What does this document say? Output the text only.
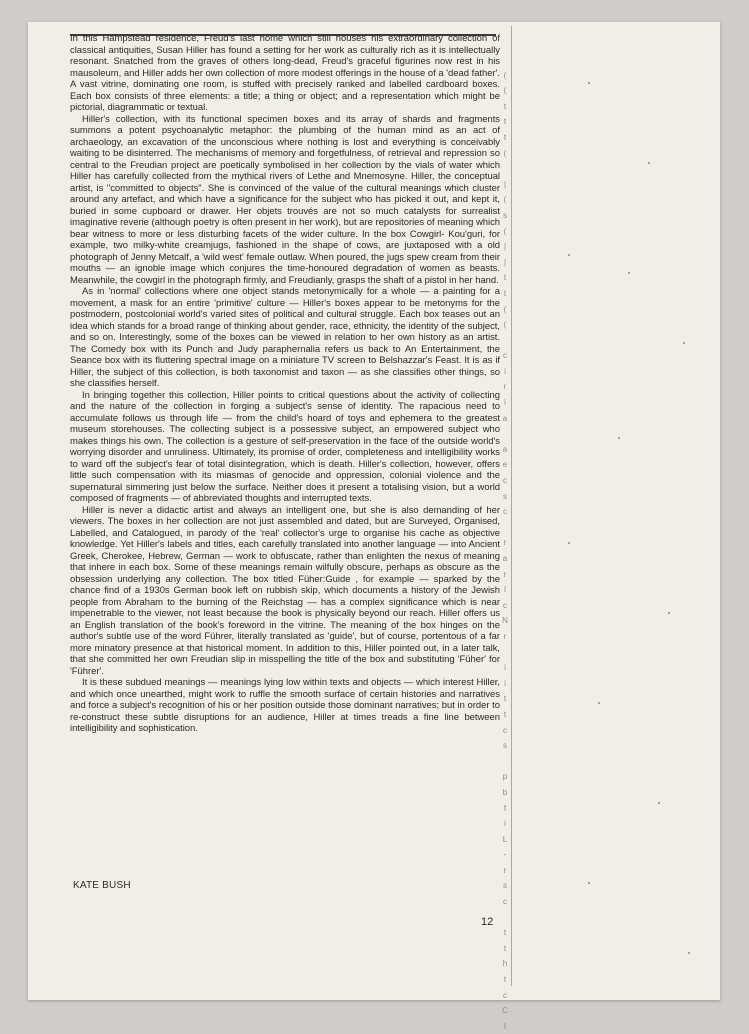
In this Hampstead residence, Freud's last home which still houses his extraordinary collection of classical antiquities, Susan Hiller has found a setting for her work as culturally rich as it is intellectually resonant. Snatched from the graves of others long-dead, Freud's graceful figurines now rest in his mausoleum, and Hiller adds her own collection of more modest offerings in the house of a 'dead father'. A vast vitrine, dominating one room, is stuffed with precisely ranked and labelled cardboard boxes. Each box consists of three elements: a title; a thing or object; and a representation which might be pictorial, diagrammatic or textual.

Hiller's collection, with its functional specimen boxes and its array of shards and fragments summons a potent psychoanalytic metaphor: the plumbing of the human mind as an act of archaeology, an excavation of the unconscious where nothing is lost and everything is conceivably waiting to be disinterred. The mechanisms of memory and forgetfulness, of retrieval and repression so central to the Freudian project are poetically symbolised in her collection by the vials of water which Hiller has carefully collected from the mythical rivers of Lethe and Mnemosyne. Hiller, the conceptual artist, is "committed to objects". She is convinced of the value of the cultural meanings which cluster around any artefact, and which have a significance for the subject who has picked it out, and kept it, buried in some cupboard or drawer. Her objets trouvés are not so much catalysts for surrealist imaginative reverie (although poetry is often present in her work), but are repositories of meaning which bear witness to more or less disturbing facets of the wider culture. In the box Cowgirl- Kou'guri, for example, two milky-white creamjugs, fashioned in the shape of cows, are juxtaposed with a old photograph of Jenny Metcalf, a 'wild west' female outlaw. When poured, the jugs spew cream from their mouths — an ignoble image which conjures the time-honoured degradation of women as beasts. Meanwhile, the cowgirl in the photograph firmly, and Freudianly, grasps the shaft of a pistol in her hand.

As in 'normal' collections where one object stands metonymically for a whole — a painting for a movement, a mask for an entire 'primitive' culture — Hiller's boxes appear to be metonyms for the postmodern, postcolonial world's varied sites of political and cultural struggle. Each box teases out an idea which stands for a broad range of thinking about gender, race, ethnicity, the identity of the subject, and so on. Interestingly, some of the boxes can be viewed in relation to her own history as an artist. The Comedy box with its Punch and Judy paraphernalia refers us back to An Entertainment, the Seance box with its fluttering spectral image on a miniature TV screen to Belshazzar's Feast. It is as if Hiller, the subject of this collection, is both taxonomist and taxon — as she classifies other things, so she classifies herself.

In bringing together this collection, Hiller points to critical questions about the activity of collecting and the nature of the collection in forging a subject's sense of identity. The rapacious need to accumulate follows us through life — from the child's hoard of toys and ephemera to the greatest museum storehouses. The collecting subject is a possessive subject, an empowered subject who makes things his own. The collection is a gesture of self-preservation in the face of the outside world's worrying disorder and unruliness. Ultimately, its promise of order, completeness and intelligibility works to ward off the subject's fear of total disintegration, which is death. Hiller's collection, however, offers little such compensation with its miasmas of genocide and oppression, colonial violence and the supernatural simmering just below the surface. Neither does it present a totalising vision, but a world composed of fragments — of abbreviated thoughts and interrupted texts.

Hiller is never a didactic artist and always an intelligent one, but she is also demanding of her viewers. The boxes in her collection are not just assembled and dated, but are Surveyed, Organised, Labelled, and Catalogued, in parody of the 'real' collector's urge to organise his cache as objective knowledge. Yet Hiller's labels and titles, each carefully translated into another language — into Ancient Greek, Cherokee, Hebrew, German — work to obfuscate, rather than enlighten the nexus of meaning that inhere in each box. Some of these meanings remain wilfully obscure, perhaps as obscure as the obsession underlying any collection. The box titled Füher:Guide , for example — sparked by the chance find of a 1930s German book left on rubbish skip, which documents a history of the Jewish people from Abraham to the burning of the Reichstag — has a complex significance which is near impenetrable to the viewer, not least because the book is physically beyond our reach. Hiller offers us an English translation of the book's foreword in the vitrine. The meaning of the box hinges on the author's subtle use of the word Führer, literally translated as 'guide', but of course, portentous of a far more minatory presence at that historical moment. In addition to this, Hiller pointed out, in a later talk, that she committed her own Freudian slip in misspelling the title of the box and substituting 'Füher' for 'Führer'.

It is these subdued meanings — meanings lying low within texts and objects — which interest Hiller, and which once unearthed, might work to ruffle the smooth surface of certain histories and narratives and force a subject's recognition of his or her position outside those dominant narratives; but in order to re-construct these subtle disruptions for an audience, Hiller at times treads a fine line between intelligibility and sophistication.

KATE BUSH
12

(
(
t
t
t
(

|
(
s
(
|
|
t
t
(
(

c
i
r
i
a

a
e
c
s
c

r
a
r
l
c
N
r

i
i
t
t
c
s

p
b
f
i
L
-
r
s
c

t
t
h
t
c
C
I
